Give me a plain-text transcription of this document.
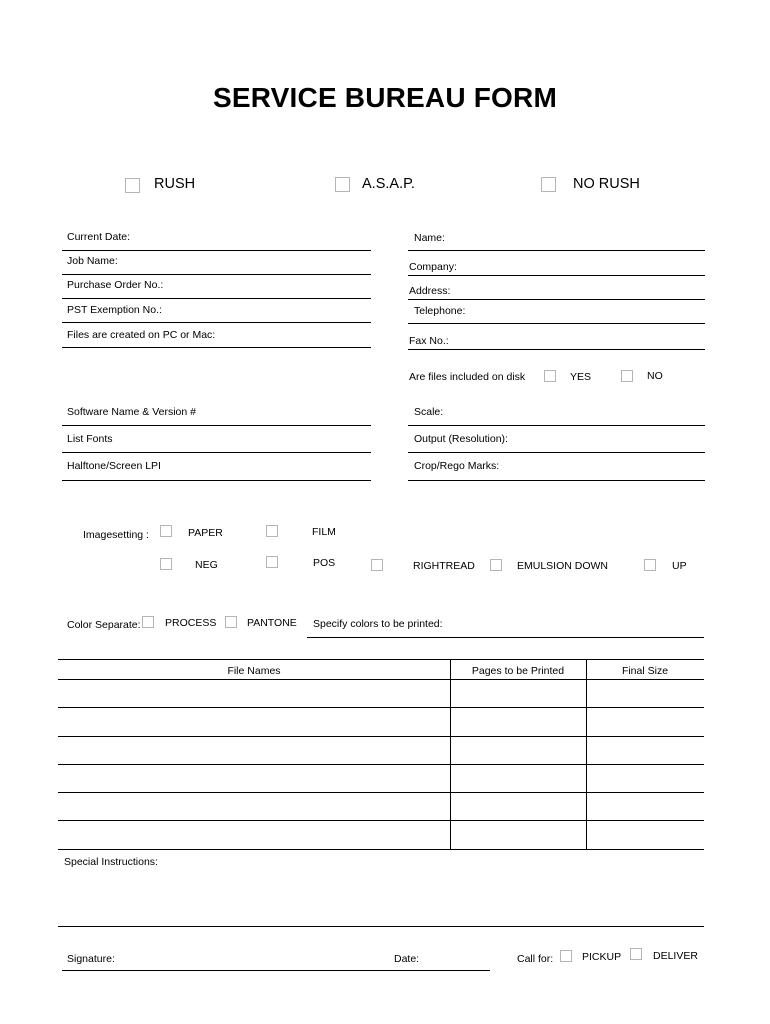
SERVICE BUREAU FORM
RUSH	A.S.A.P.	NO RUSH
Current Date:
Job Name:
Purchase Order No.:
PST Exemption No.:
Files are created on PC or Mac:
Name:
Company:
Address:
Telephone:
Fax No.:
Are files included on disk	YES	NO
Software Name & Version #
List Fonts
Halftone/Screen LPI
Scale:
Output (Resolution):
Crop/Rego Marks:
Imagesetting :	PAPER	FILM
NEG	POS	RIGHTREAD	EMULSION DOWN	UP
Color Separate: PROCESS	PANTONE Specify colors to be printed:
File Names	Pages to be Printed	Final Size
Special Instructions:
Signature:	Date:	Call for:	PICKUP	DELIVER
